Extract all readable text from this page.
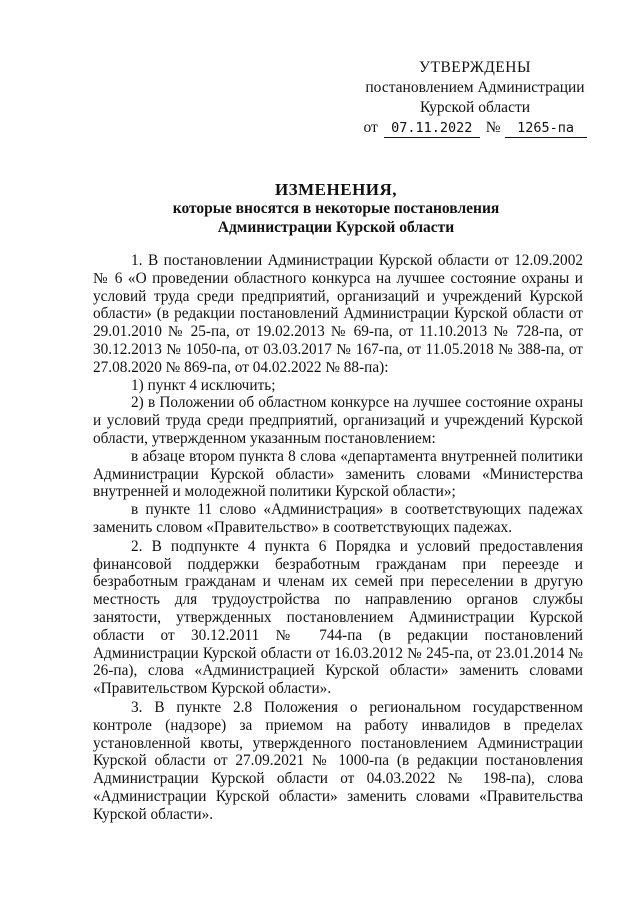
УТВЕРЖДЕНЫ
постановлением Администрации
Курской области
от 07.11.2022 № 1265-па
ИЗМЕНЕНИЯ,
которые вносятся в некоторые постановления
Администрации Курской области

1. В постановлении Администрации Курской области от 12.09.2002 № 6 «О проведении областного конкурса на лучшее состояние охраны и условий труда среди предприятий, организаций и учреждений Курской области» (в редакции постановлений Администрации Курской области от 29.01.2010 № 25-па, от 19.02.2013 № 69-па, от 11.10.2013 № 728-па, от 30.12.2013 № 1050-па, от 03.03.2017 № 167-па, от 11.05.2018 № 388-па, от 27.08.2020 № 869-па, от 04.02.2022 № 88-па):

1) пункт 4 исключить;

2) в Положении об областном конкурсе на лучшее состояние охраны и условий труда среди предприятий, организаций и учреждений Курской области, утвержденном указанным постановлением:

в абзаце втором пункта 8 слова «департамента внутренней политики Администрации Курской области» заменить словами «Министерства внутренней и молодежной политики Курской области»;

в пункте 11 слово «Администрация» в соответствующих падежах заменить словом «Правительство» в соответствующих падежах.

2. В подпункте 4 пункта 6 Порядка и условий предоставления финансовой поддержки безработным гражданам при переезде и безработным гражданам и членам их семей при переселении в другую местность для трудоустройства по направлению органов службы занятости, утвержденных постановлением Администрации Курской области от 30.12.2011 № 744-па (в редакции постановлений Администрации Курской области от 16.03.2012 № 245-па, от 23.01.2014 № 26-па), слова «Администрацией Курской области» заменить словами «Правительством Курской области».

3. В пункте 2.8 Положения о региональном государственном контроле (надзоре) за приемом на работу инвалидов в пределах установленной квоты, утвержденного постановлением Администрации Курской области от 27.09.2021 № 1000-па (в редакции постановления Администрации Курской области от 04.03.2022 № 198-па), слова «Администрации Курской области» заменить словами «Правительства Курской области».
